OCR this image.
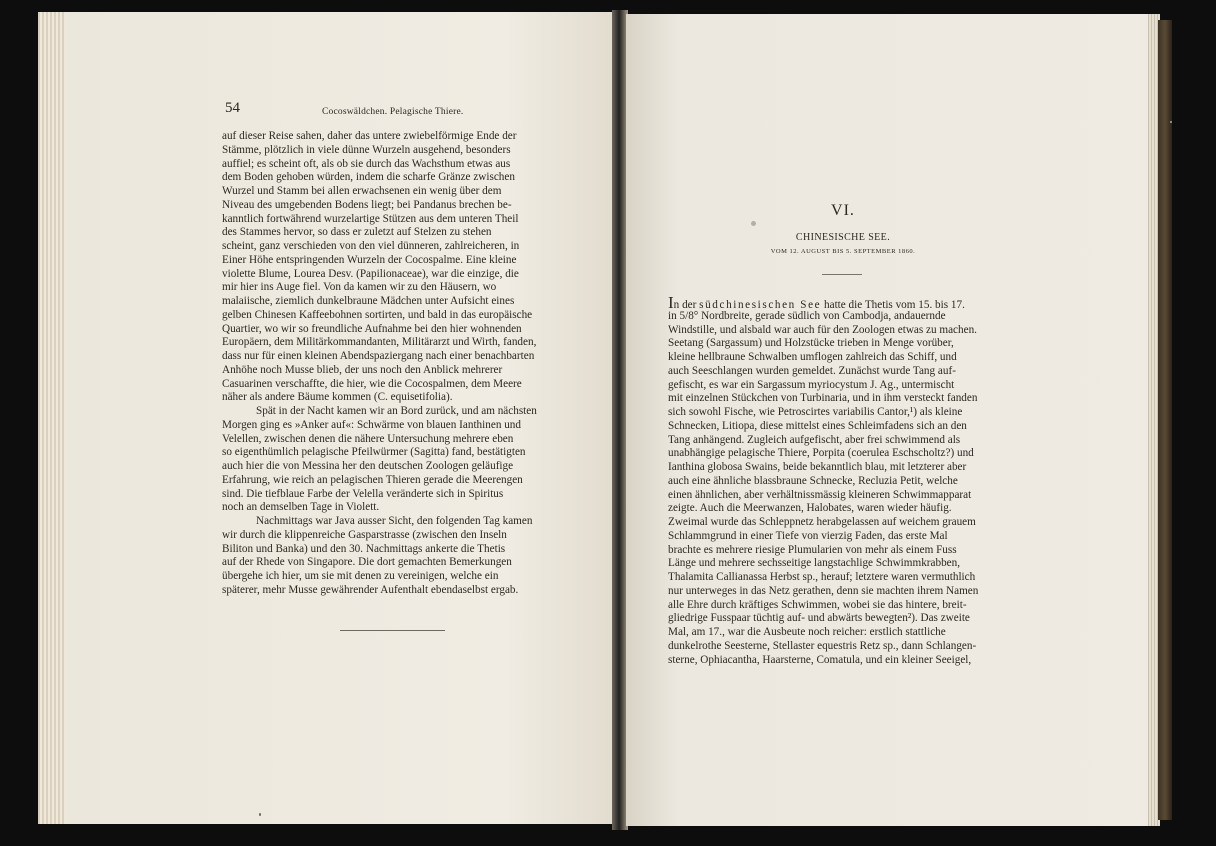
54	Cocoswäldchen. Pelagische Thiere.
auf dieser Reise sahen, daher das untere zwiebelförmige Ende der
Stämme, plötzlich in viele dünne Wurzeln ausgehend, besonders
auffiel; es scheint oft, als ob sie durch das Wachsthum etwas aus
dem Boden gehoben würden, indem die scharfe Gränze zwischen
Wurzel und Stamm bei allen erwachsenen ein wenig über dem
Niveau des umgebenden Bodens liegt; bei Pandanus brechen be-
kanntlich fortwährend wurzelartige Stützen aus dem unteren Theil
des Stammes hervor, so dass er zuletzt auf Stelzen zu stehen
scheint, ganz verschieden von den viel dünneren, zahlreicheren, in
Einer Höhe entspringenden Wurzeln der Cocospalme. Eine kleine
violette Blume, Lourea Desv. (Papilionaceae), war die einzige, die
mir hier ins Auge fiel. Von da kamen wir zu den Häusern, wo
malaiische, ziemlich dunkelbraune Mädchen unter Aufsicht eines
gelben Chinesen Kaffeebohnen sortirten, und bald in das europäische
Quartier, wo wir so freundliche Aufnahme bei den hier wohnenden
Europäern, dem Militärkommandanten, Militärarzt und Wirth, fanden,
dass nur für einen kleinen Abendspaziergang nach einer benachbarten
Anhöhe noch Musse blieb, der uns noch den Anblick mehrerer
Casuarinen verschaffte, die hier, wie die Cocospalmen, dem Meere
näher als andere Bäume kommen (C. equisetifolia).
Spät in der Nacht kamen wir an Bord zurück, und am nächsten
Morgen ging es »Anker auf«: Schwärme von blauen Ianthinen und
Velellen, zwischen denen die nähere Untersuchung mehrere eben
so eigenthümlich pelagische Pfeilwürmer (Sagitta) fand, bestätigten
auch hier die von Messina her den deutschen Zoologen geläufige
Erfahrung, wie reich an pelagischen Thieren gerade die Meerengen
sind. Die tiefblaue Farbe der Velella veränderte sich in Spiritus
noch an demselben Tage in Violett.
Nachmittags war Java ausser Sicht, den folgenden Tag kamen
wir durch die klippenreiche Gasparstrasse (zwischen den Inseln
Biliton und Banka) und den 30. Nachmittags ankerte die Thetis
auf der Rhede von Singapore. Die dort gemachten Bemerkungen
übergehe ich hier, um sie mit denen zu vereinigen, welche ein
späterer, mehr Musse gewährender Aufenthalt ebendaselbst ergab.
VI.
CHINESISCHE SEE.
VOM 12. AUGUST BIS 5. SEPTEMBER 1860.
In der südchinesischen See hatte die Thetis vom 15. bis 17.
in 5/8° Nordbreite, gerade südlich von Cambodja, andauernde
Windstille, und alsbald war auch für den Zoologen etwas zu machen.
Seetang (Sargassum) und Holzstücke trieben in Menge vorüber,
kleine hellbraune Schwalben umflogen zahlreich das Schiff, und
auch Seeschlangen wurden gemeldet. Zunächst wurde Tang auf-
gefischt, es war ein Sargassum myriocystum J. Ag., untermischt
mit einzelnen Stückchen von Turbinaria, und in ihm versteckt fanden
sich sowohl Fische, wie Petroscirtes variabilis Cantor,¹) als kleine
Schnecken, Litiopa, diese mittelst eines Schleimfadens sich an den
Tang anhängend. Zugleich aufgefischt, aber frei schwimmend als
unabhängige pelagische Thiere, Porpita (coerulea Eschscholtz?) und
Ianthina globosa Swains, beide bekanntlich blau, mit letzterer aber
auch eine ähnliche blassbraune Schnecke, Recluzia Petit, welche
einen ähnlichen, aber verhältnissmässig kleineren Schwimmapparat
zeigte. Auch die Meerwanzen, Halobates, waren wieder häufig.
Zweimal wurde das Schleppnetz herabgelassen auf weichem grauem
Schlammgrund in einer Tiefe von vierzig Faden, das erste Mal
brachte es mehrere riesige Plumularien von mehr als einem Fuss
Länge und mehrere sechsseitige langstachlige Schwimmkrabben,
Thalamita Callianassa Herbst sp., herauf; letztere waren vermuthlich
nur unterweges in das Netz gerathen, denn sie machten ihrem Namen
alle Ehre durch kräftiges Schwimmen, wobei sie das hintere, breit-
gliedrige Fusspaar tüchtig auf- und abwärts bewegten²). Das zweite
Mal, am 17., war die Ausbeute noch reicher: erstlich stattliche
dunkelrothe Seesterne, Stellaster equestris Retz sp., dann Schlangen-
sterne, Ophiacantha, Haarsterne, Comatula, und ein kleiner Seeigel,
